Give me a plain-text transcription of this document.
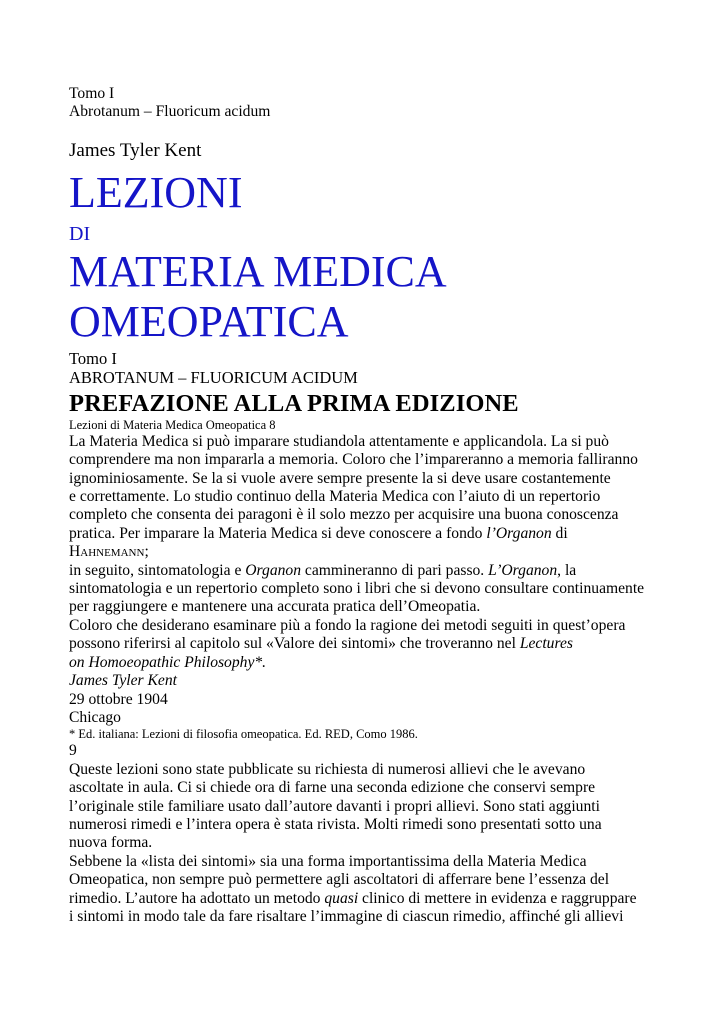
Tomo I
Abrotanum – Fluoricum acidum
James Tyler Kent
LEZIONI
DI
MATERIA MEDICA
OMEOPATICA
Tomo I
ABROTANUM – FLUORICUM ACIDUM
PREFAZIONE ALLA PRIMA EDIZIONE
Lezioni di Materia Medica Omeopatica 8
La Materia Medica si può imparare studiandola attentamente e applicandola. La si può
comprendere ma non impararla a memoria. Coloro che l’impareranno a memoria falliranno
ignominiosamente. Se la si vuole avere sempre presente la si deve usare costantemente
e correttamente. Lo studio continuo della Materia Medica con l’aiuto di un repertorio
completo che consenta dei paragoni è il solo mezzo per acquisire una buona conoscenza
pratica. Per imparare la Materia Medica si deve conoscere a fondo l’Organon di
Hahnemann;
in seguito, sintomatologia e Organon cammineranno di pari passo. L’Organon, la
sintomatologia e un repertorio completo sono i libri che si devono consultare continuamente
per raggiungere e mantenere una accurata pratica dell’Omeopatia.
Coloro che desiderano esaminare più a fondo la ragione dei metodi seguiti in quest’opera
possono riferirsi al capitolo sul «Valore dei sintomi» che troveranno nel Lectures
on Homoeopathic Philosophy*.
James Tyler Kent
29 ottobre 1904
Chicago
* Ed. italiana: Lezioni di filosofia omeopatica. Ed. RED, Como 1986.
9
Queste lezioni sono state pubblicate su richiesta di numerosi allievi che le avevano
ascoltate in aula. Ci si chiede ora di farne una seconda edizione che conservi sempre
l’originale stile familiare usato dall’autore davanti i propri allievi. Sono stati aggiunti
numerosi rimedi e l’intera opera è stata rivista. Molti rimedi sono presentati sotto una
nuova forma.
Sebbene la «lista dei sintomi» sia una forma importantissima della Materia Medica
Omeopatica, non sempre può permettere agli ascoltatori di afferrare bene l’essenza del
rimedio. L’autore ha adottato un metodo quasi clinico di mettere in evidenza e raggruppare
i sintomi in modo tale da fare risaltare l’immagine di ciascun rimedio, affinché gli allievi
